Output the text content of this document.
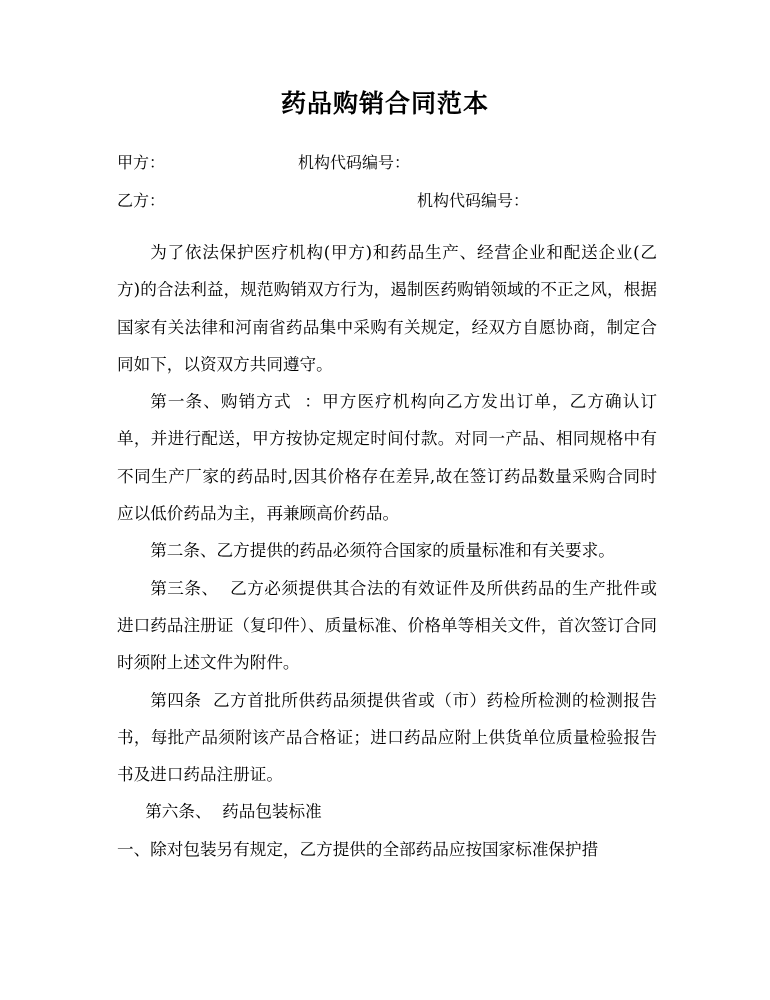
药品购销合同范本
甲方：	机构代码编号：
乙方：	机构代码编号：

为了依法保护医疗机构(甲方)和药品生产、经营企业和配送企业(乙方)的合法利益，规范购销双方行为，遏制医药购销领域的不正之风，根据国家有关法律和河南省药品集中采购有关规定，经双方自愿协商，制定合同如下，以资双方共同遵守。

第一条、购销方式  ：甲方医疗机构向乙方发出订单，乙方确认订单，并进行配送，甲方按协定规定时间付款。对同一产品、相同规格中有不同生产厂家的药品时,因其价格存在差异,故在签订药品数量采购合同时应以低价药品为主，再兼顾高价药品。

第二条、乙方提供的药品必须符合国家的质量标准和有关要求。

第三条、  乙方必须提供其合法的有效证件及所供药品的生产批件或进口药品注册证（复印件）、质量标准、价格单等相关文件，首次签订合同时须附上述文件为附件。

第四条  乙方首批所供药品须提供省或（市）药检所检测的检测报告书，每批产品须附该产品合格证；进口药品应附上供货单位质量检验报告书及进口药品注册证。

第六条、  药品包装标准

一、除对包装另有规定，乙方提供的全部药品应按国家标准保护措
